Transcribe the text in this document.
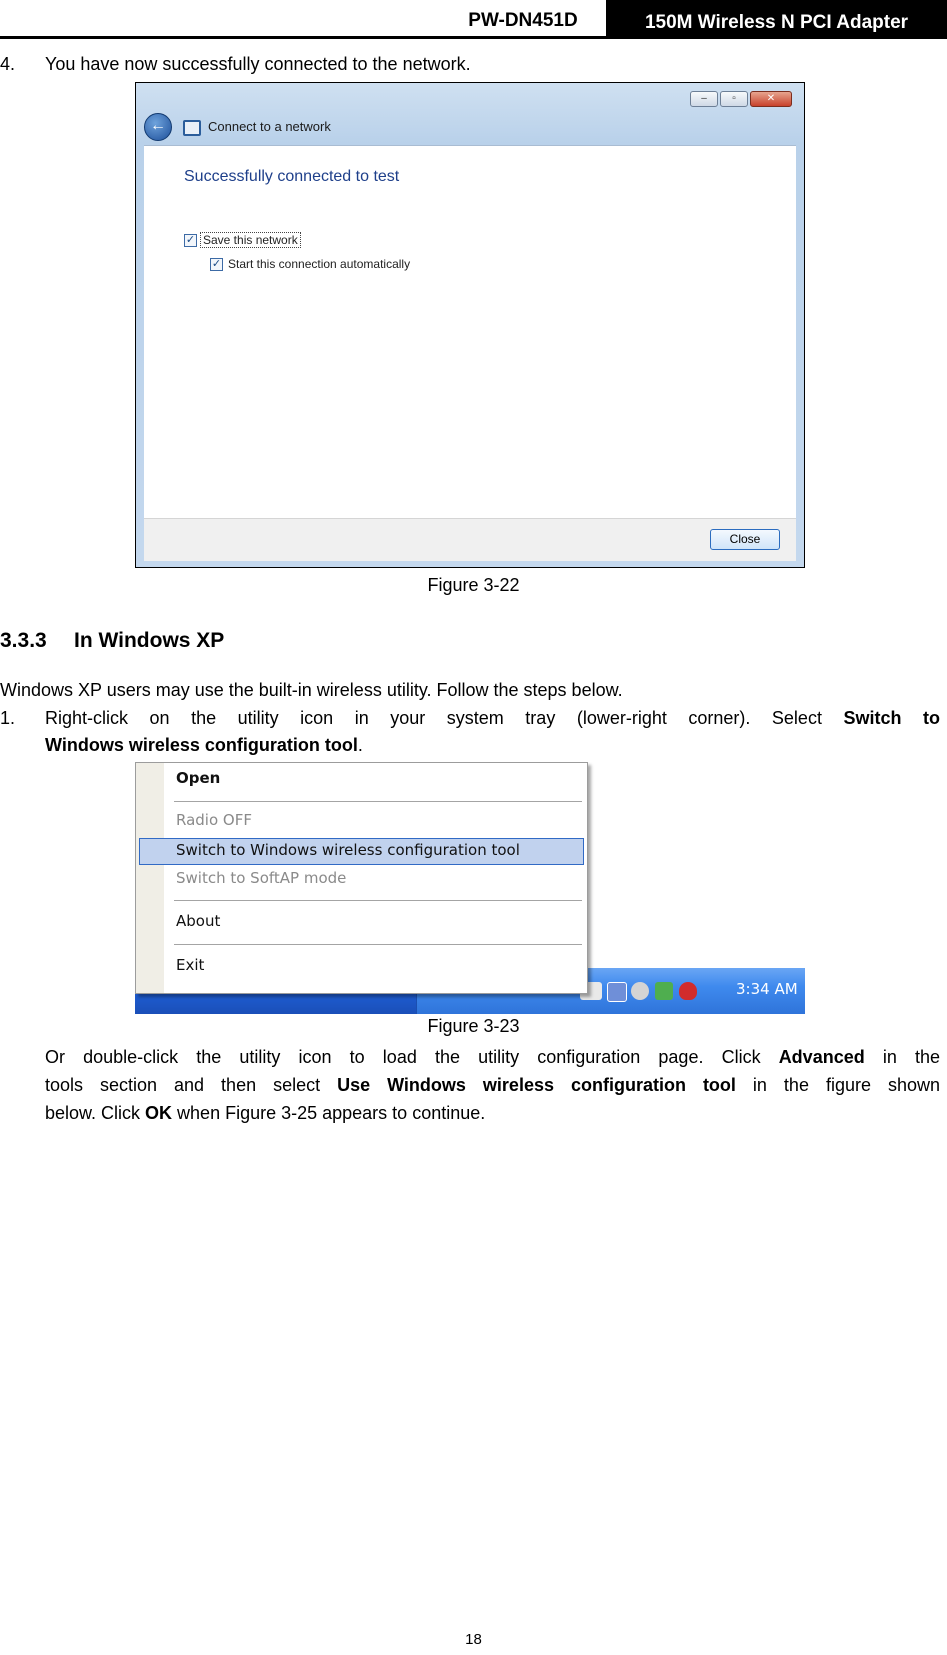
PW-DN451D	150M Wireless N PCI Adapter
4. You have now successfully connected to the network.
–	▫	✕
←	Connect to a network
Successfully connected to test
✓ Save this network
✓ Start this connection automatically
Close
Figure 3-22
3.3.3 In Windows XP
Windows XP users may use the built-in wireless utility. Follow the steps below.
1. Right-click on the utility icon in your system tray (lower-right corner). Select Switch to
Windows wireless configuration tool.
3:34 AM
Open
Radio OFF
Switch to Windows wireless configuration tool
Switch to SoftAP mode
About
Exit
Figure 3-23
Or double-click the utility icon to load the utility configuration page. Click Advanced in the
tools section and then select Use Windows wireless configuration tool in the figure shown
below. Click OK when Figure 3-25 appears to continue.
18
